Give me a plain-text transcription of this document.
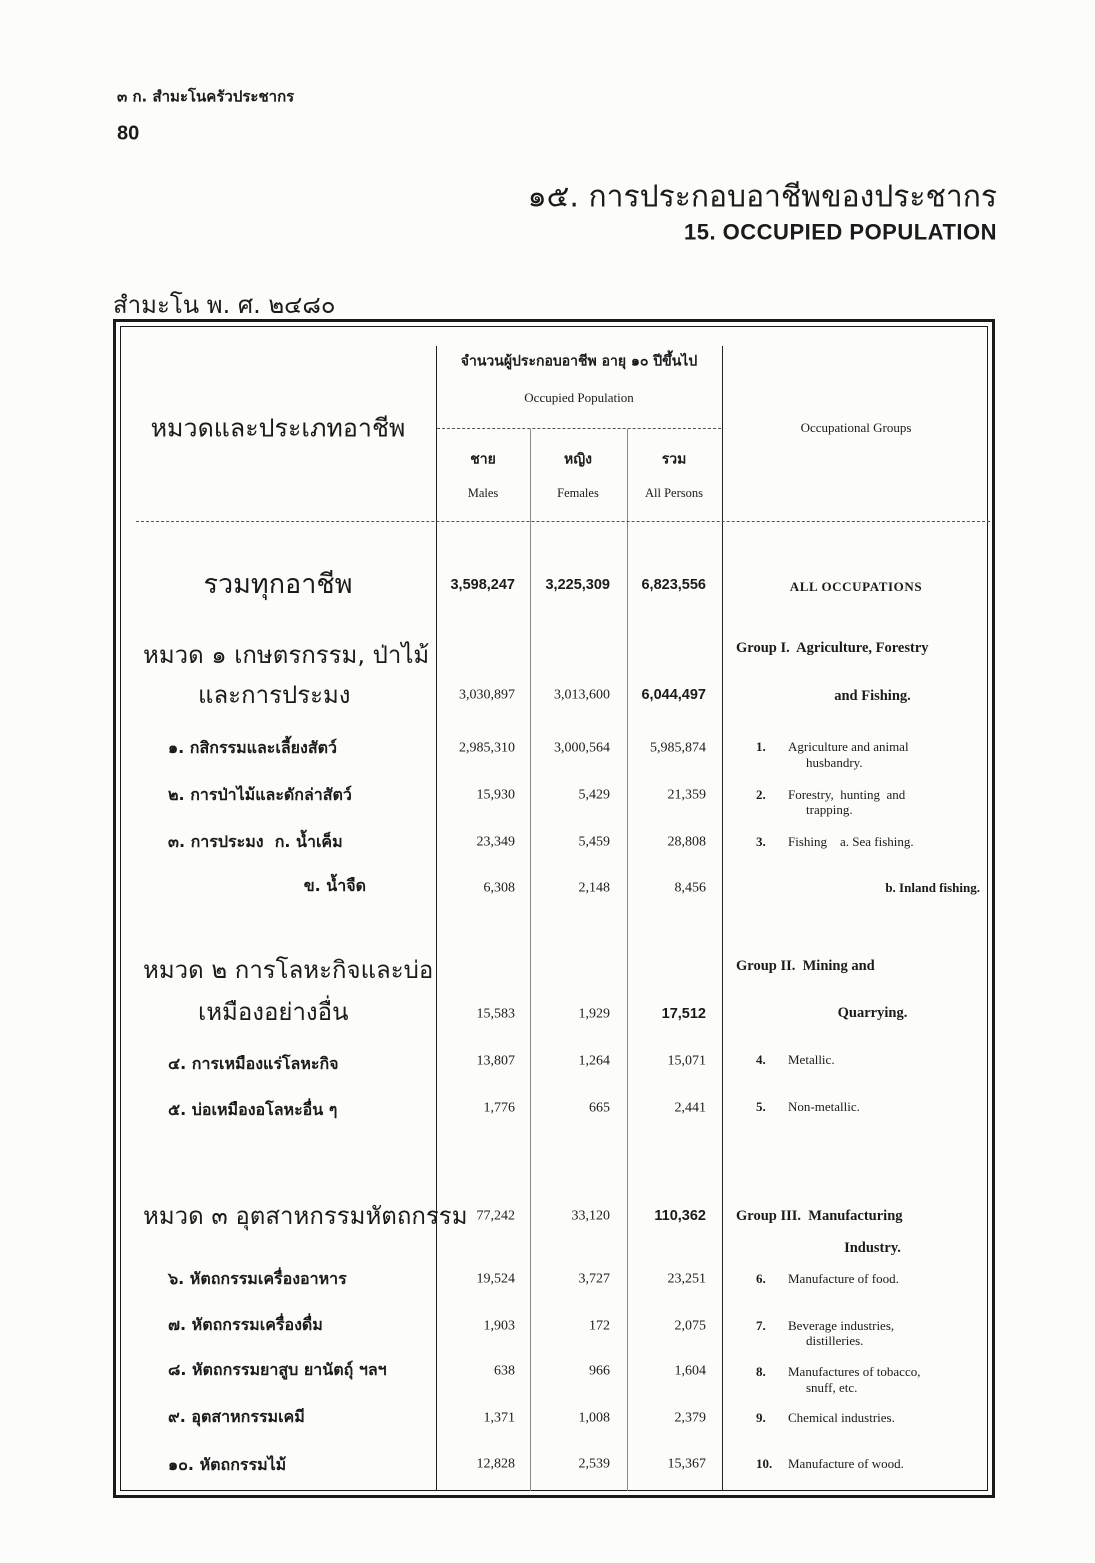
๓ ก. สำมะโนครัวประชากร
80
๑๕. การประกอบอาชีพของประชากร
15. OCCUPIED POPULATION
สำมะโน พ. ศ. ๒๔๘๐
หมวดและประเภทอาชีพ
จำนวนผู้ประกอบอาชีพ อายุ ๑๐ ปีขึ้นไป
Occupied Population
ชาย
Males
หญิง
Females
รวม
All Persons
Occupational Groups
รวมทุกอาชีพ	3,598,247	3,225,309	6,823,556	ALL OCCUPATIONS
หมวด ๑ เกษตรกรรม, ป่าไม้
และการประมง	3,030,897	3,013,600	6,044,497
Group I.  Agriculture, Forestry
and Fishing.
๑. กสิกรรมและเลี้ยงสัตว์	2,985,310	3,000,564	5,985,874	1.	Agriculture and animal
husbandry.
๒. การป่าไม้และดักล่าสัตว์	15,930	5,429	21,359	2.	Forestry,  hunting  and
trapping.
๓. การประมง  ก. น้ำเค็ม	23,349	5,459	28,808	3.	Fishing    a. Sea fishing.
ข. น้ำจืด	6,308	2,148	8,456	b. Inland fishing.
หมวด ๒ การโลหะกิจและบ่อ
เหมืองอย่างอื่น	15,583	1,929	17,512
Group II.  Mining and
Quarrying.
๔. การเหมืองแร่โลหะกิจ	13,807	1,264	15,071	4.	Metallic.
๕. บ่อเหมืองอโลหะอื่น ๆ	1,776	665	2,441	5.	Non-metallic.
หมวด ๓ อุตสาหกรรมหัตถกรรม 77,242	33,120	110,362 Group III.  Manufacturing
Industry.
๖. หัตถกรรมเครื่องอาหาร	19,524	3,727	23,251	6.	Manufacture of food.
๗. หัตถกรรมเครื่องดื่ม	1,903	172	2,075	7.	Beverage industries,
distilleries.
๘. หัตถกรรมยาสูบ ยานัตถุ์ ฯลฯ	638	966	1,604	8.	Manufactures of tobacco,
snuff, etc.
๙. อุตสาหกรรมเคมี	1,371	1,008	2,379	9.	Chemical industries.
๑๐. หัตถกรรมไม้	12,828	2,539	15,367	10.	Manufacture of wood.
